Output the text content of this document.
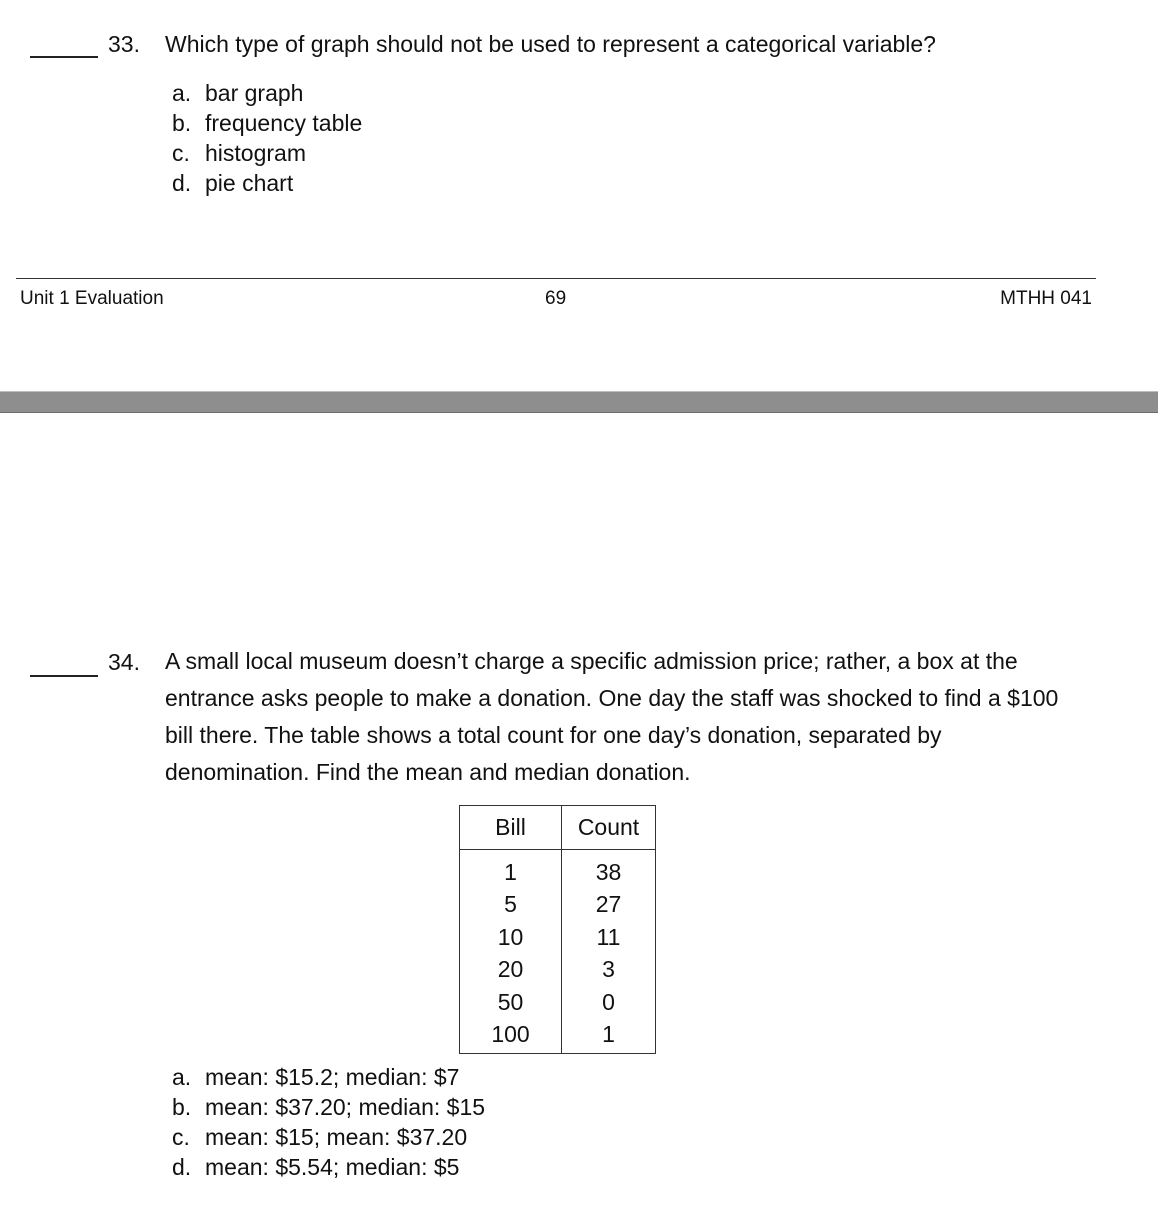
33. Which type of graph should not be used to represent a categorical variable?
a. bar graph
b. frequency table
c. histogram
d. pie chart
Unit 1 Evaluation	69	MTHH 041
34. A small local museum doesn’t charge a specific admission price; rather, a box at the entrance asks people to make a donation. One day the staff was shocked to find a $100 bill there. The table shows a total count for one day’s donation, separated by denomination. Find the mean and median donation.
Bill	Count
1	38
5	27
10	11
20	3
50	0
100	1
a. mean: $15.2; median: $7
b. mean: $37.20; median: $15
c. mean: $15; mean: $37.20
d. mean: $5.54; median: $5
